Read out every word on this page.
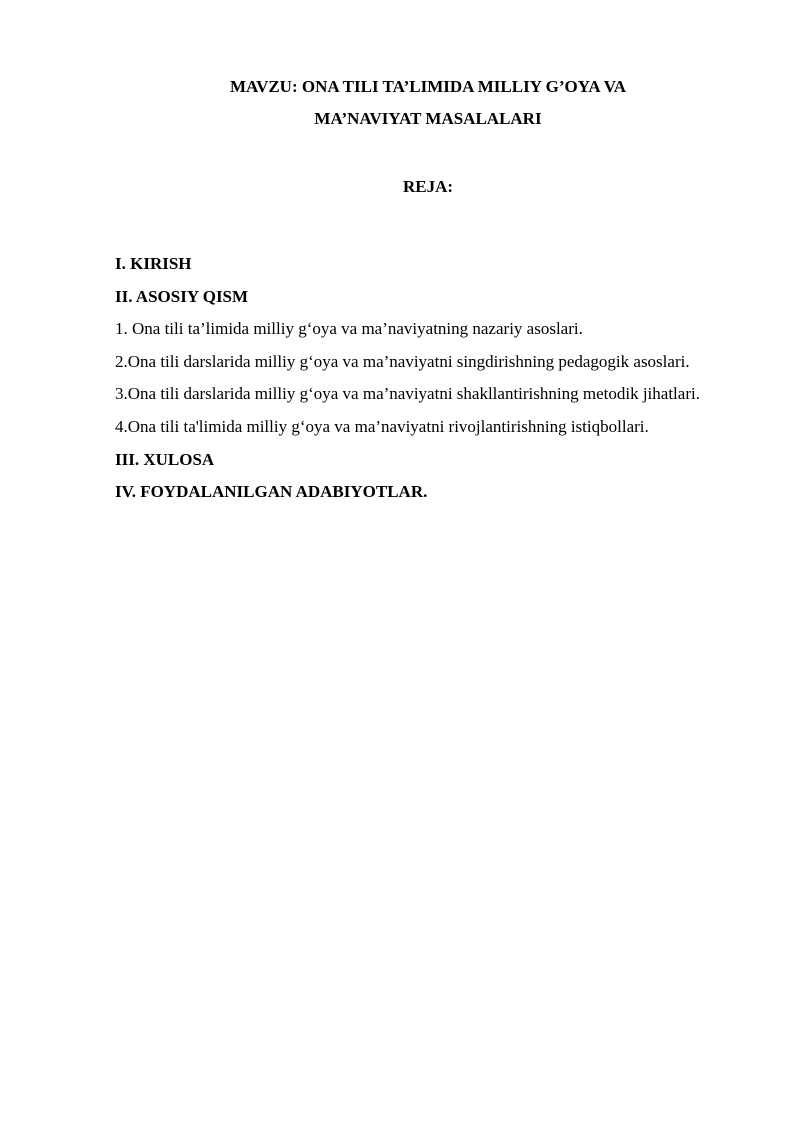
MAVZU: ONA TILI TA’LIMIDA MILLIY G’OYA VA
MA’NAVIYAT MASALALARI
REJA:

I. KIRISH

II. ASOSIY QISM

1. Ona tili ta’limida milliy g‘oya va ma’naviyatning nazariy asoslari.

2.Ona tili darslarida milliy g‘oya va ma’naviyatni singdirishning pedagogik asoslari.

3.Ona tili darslarida milliy g‘oya va ma’naviyatni shakllantirishning metodik jihatlari.

4.Ona tili ta'limida milliy g‘oya va ma’naviyatni rivojlantirishning istiqbollari.

III. XULOSA

IV. FOYDALANILGAN ADABIYOTLAR.
